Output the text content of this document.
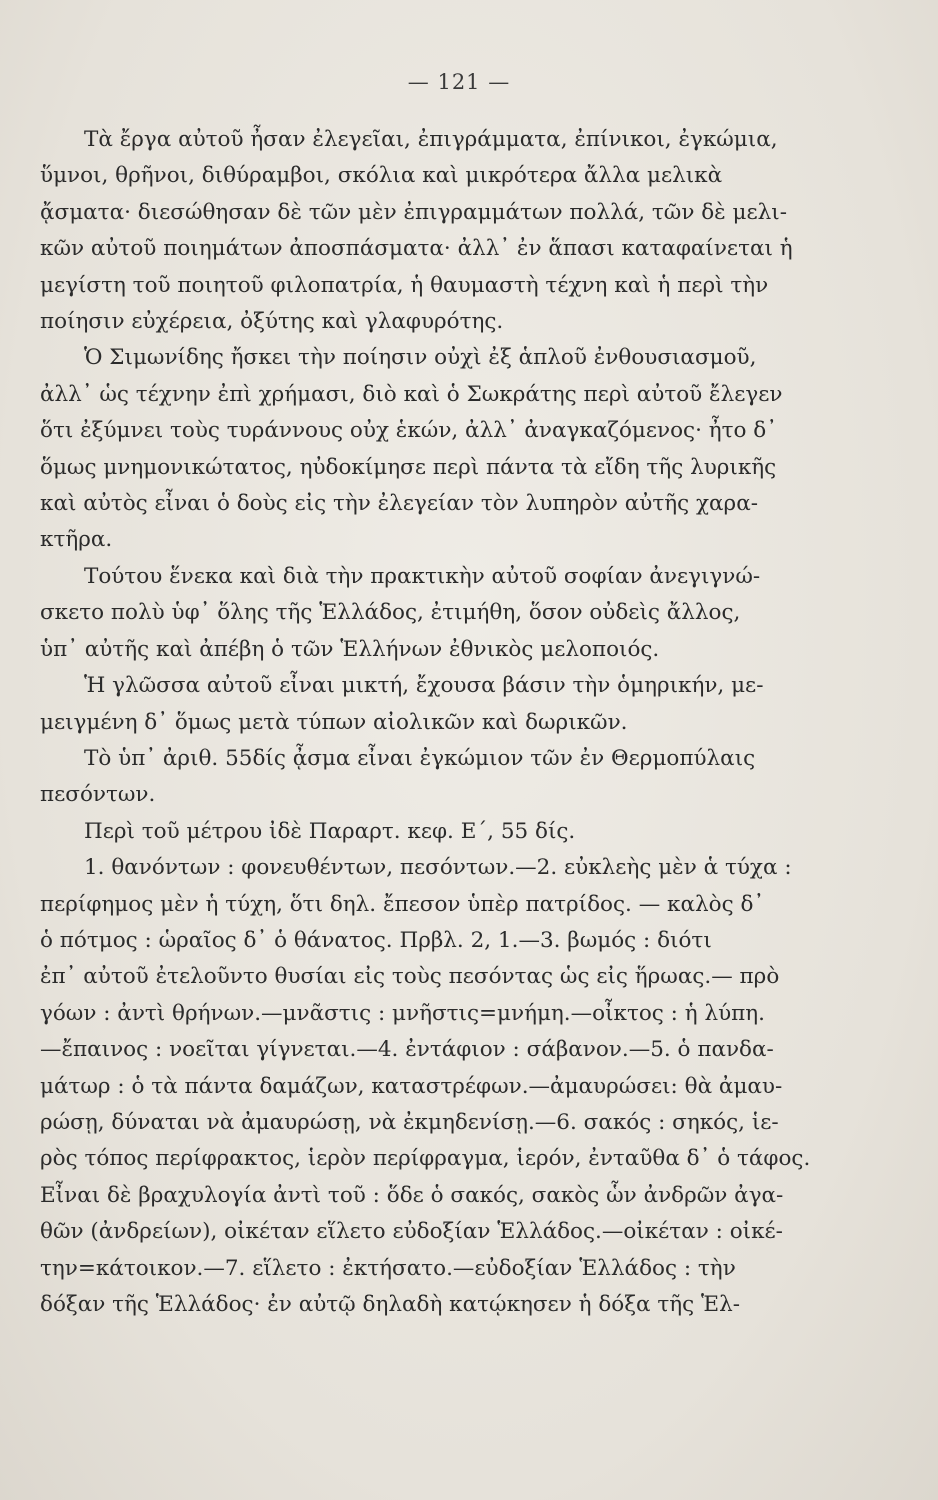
— 121 —

Τὰ ἔργα αὐτοῦ ἦσαν ἐλεγεῖαι, ἐπιγράμματα, ἐπίνικοι, ἐγκώμια,
ὕμνοι, θρῆνοι, διθύραμβοι, σκόλια καὶ μικρότερα ἄλλα μελικὰ
ᾄσματα· διεσώθησαν δὲ τῶν μὲν ἐπιγραμμάτων πολλά, τῶν δὲ μελι-
κῶν αὐτοῦ ποιημάτων ἀποσπάσματα· ἀλλ᾽ ἐν ἅπασι καταφαίνεται ἡ
μεγίστη τοῦ ποιητοῦ φιλοπατρία, ἡ θαυμαστὴ τέχνη καὶ ἡ περὶ τὴν
ποίησιν εὐχέρεια, ὀξύτης καὶ γλαφυρότης.

Ὁ Σιμωνίδης ἤσκει τὴν ποίησιν οὐχὶ ἐξ ἁπλοῦ ἐνθουσιασμοῦ,
ἀλλ᾽ ὡς τέχνην ἐπὶ χρήμασι, διὸ καὶ ὁ Σωκράτης περὶ αὐτοῦ ἔλεγεν
ὅτι ἐξύμνει τοὺς τυράννους οὐχ ἑκών, ἀλλ᾽ ἀναγκαζόμενος· ἦτο δ᾽
ὅμως μνημονικώτατος, ηὐδοκίμησε περὶ πάντα τὰ εἴδη τῆς λυρικῆς
καὶ αὐτὸς εἶναι ὁ δοὺς εἰς τὴν ἐλεγείαν τὸν λυπηρὸν αὐτῆς χαρα-
κτῆρα.

Τούτου ἕνεκα καὶ διὰ τὴν πρακτικὴν αὐτοῦ σοφίαν ἀνεγιγνώ-
σκετο πολὺ ὑφ᾽ ὅλης τῆς Ἑλλάδος, ἐτιμήθη, ὅσον οὐδεὶς ἄλλος,
ὑπ᾽ αὐτῆς καὶ ἀπέβη ὁ τῶν Ἑλλήνων ἐθνικὸς μελοποιός.

Ἡ γλῶσσα αὐτοῦ εἶναι μικτή, ἔχουσα βάσιν τὴν ὁμηρικήν, με-
μειγμένη δ᾽ ὅμως μετὰ τύπων αἰολικῶν καὶ δωρικῶν.

Τὸ ὑπ᾽ ἀριθ. 55δίς ᾆσμα εἶναι ἐγκώμιον τῶν ἐν Θερμοπύλαις
πεσόντων.

Περὶ τοῦ μέτρου ἰδὲ Παραρτ. κεφ. Ε΄, 55 δίς.

1. θανόντων : φονευθέντων, πεσόντων.—2. εὐκλεὴς μὲν ἁ τύχα :
περίφημος μὲν ἡ τύχη, ὅτι δηλ. ἔπεσον ὑπὲρ πατρίδος. — καλὸς δ᾽
ὁ πότμος : ὡραῖος δ᾽ ὁ θάνατος. Πρβλ. 2, 1.—3. βωμός : διότι
ἐπ᾽ αὐτοῦ ἐτελοῦντο θυσίαι εἰς τοὺς πεσόντας ὡς εἰς ἥρωας.— πρὸ
γόων : ἀντὶ θρήνων.—μνᾶστις : μνῆστις=μνήμη.—οἶκτος : ἡ λύπη.
—ἔπαινος : νοεῖται γίγνεται.—4. ἐντάφιον : σάβανον.—5. ὁ πανδα-
μάτωρ : ὁ τὰ πάντα δαμάζων, καταστρέφων.—ἀμαυρώσει: θὰ ἀμαυ-
ρώσῃ, δύναται νὰ ἀμαυρώσῃ, νὰ ἐκμηδενίσῃ.—6. σακός : σηκός, ἱε-
ρὸς τόπος περίφρακτος, ἱερὸν περίφραγμα, ἱερόν, ἐνταῦθα δ᾽ ὁ τάφος.
Εἶναι δὲ βραχυλογία ἀντὶ τοῦ : ὅδε ὁ σακός, σακὸς ὧν ἀνδρῶν ἀγα-
θῶν (ἀνδρείων), οἰκέταν εἵλετο εὐδοξίαν Ἑλλάδος.—οἰκέταν : οἰκέ-
την=κάτοικον.—7. εἵλετο : ἐκτήσατο.—εὐδοξίαν Ἑλλάδος : τὴν
δόξαν τῆς Ἑλλάδος· ἐν αὐτῷ δηλαδὴ κατῴκησεν ἡ δόξα τῆς Ἑλ-
